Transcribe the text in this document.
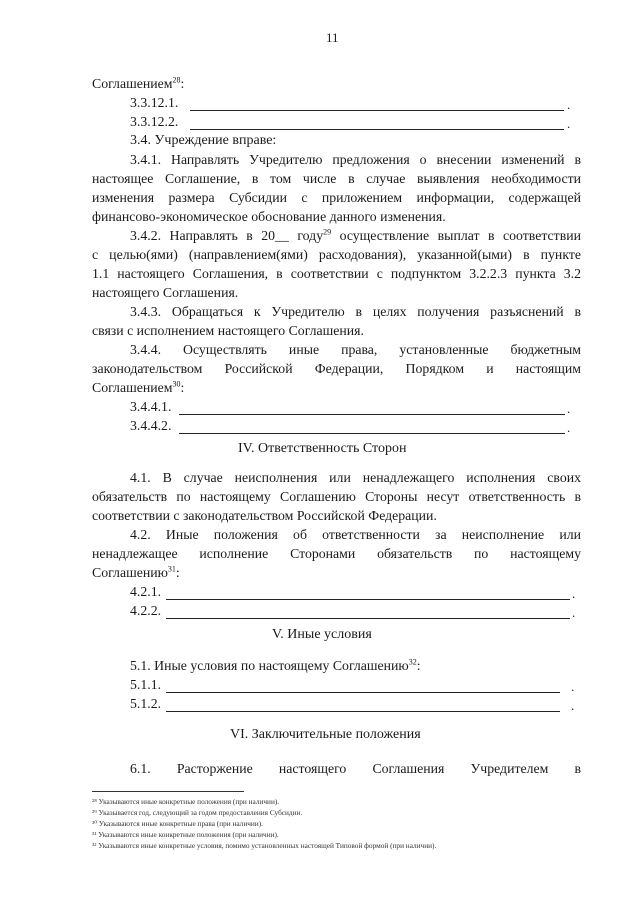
11
Соглашением$^{28}$:
3.3.12.1.	.
3.3.12.2.	.
3.4. Учреждение вправе:
3.4.1. Направлять Учредителю предложения о внесении изменений в
настоящее Соглашение, в том числе в случае выявления необходимости
изменения размера Субсидии с приложением информации, содержащей
финансово-экономическое обоснование данного изменения.
3.4.2. Направлять в 20__ году$^{29}$ осуществление выплат в соответствии
с целью(ями) (направлением(ями) расходования), указанной(ыми) в пункте
1.1 настоящего Соглашения, в соответствии с подпунктом 3.2.2.3 пункта 3.2
настоящего Соглашения.
3.4.3. Обращаться к Учредителю в целях получения разъяснений в
связи с исполнением настоящего Соглашения.
3.4.4. Осуществлять иные права, установленные бюджетным
законодательством Российской Федерации, Порядком и настоящим
Соглашением$^{30}$:
3.4.4.1.	.
3.4.4.2.	.
IV. Ответственность Сторон
4.1. В случае неисполнения или ненадлежащего исполнения своих
обязательств по настоящему Соглашению Стороны несут ответственность в
соответствии с законодательством Российской Федерации.
4.2. Иные положения об ответственности за неисполнение или
ненадлежащее исполнение Сторонами обязательств по настоящему
Соглашению$^{31}$:
4.2.1.	.
4.2.2.	.
V. Иные условия
5.1. Иные условия по настоящему Соглашению$^{32}$:
5.1.1.	.
5.1.2.	.
VI. Заключительные положения
6.1. Расторжение настоящего Соглашения Учредителем в
²⁸ Указываются иные конкретные положения (при наличии).
²⁹ Указывается год, следующий за годом предоставления Субсидии.
³⁰ Указываются иные конкретные права (при наличии).
³¹ Указываются иные конкретные положения (при наличии).
³² Указываются иные конкретные условия, помимо установленных настоящей Типовой формой (при наличии).
